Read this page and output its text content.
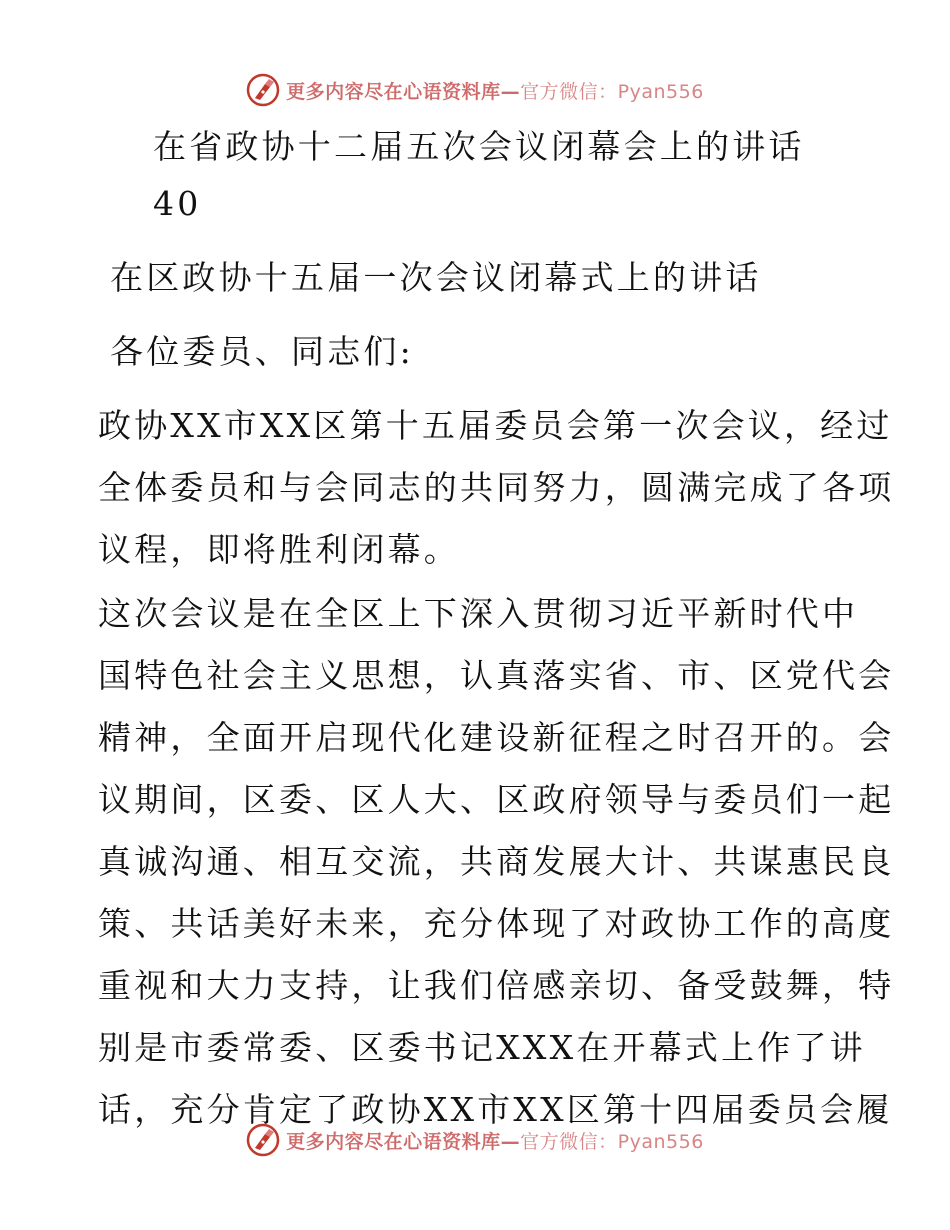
更多内容尽在心语资料库—官方微信：Pyan556
在省政协十二届五次会议闭幕会上的讲话
40
在区政协十五届一次会议闭幕式上的讲话
各位委员、同志们:
政协XX市XX区第十五届委员会第一次会议，经过
全体委员和与会同志的共同努力，圆满完成了各项
议程，即将胜利闭幕。
这次会议是在全区上下深入贯彻习近平新时代中
国特色社会主义思想，认真落实省、市、区党代会
精神，全面开启现代化建设新征程之时召开的。会
议期间，区委、区人大、区政府领导与委员们一起
真诚沟通、相互交流，共商发展大计、共谋惠民良
策、共话美好未来，充分体现了对政协工作的高度
重视和大力支持，让我们倍感亲切、备受鼓舞，特
别是市委常委、区委书记XXX在开幕式上作了讲
话，充分肯定了政协XX市XX区第十四届委员会履
更多内容尽在心语资料库—官方微信：Pyan556
